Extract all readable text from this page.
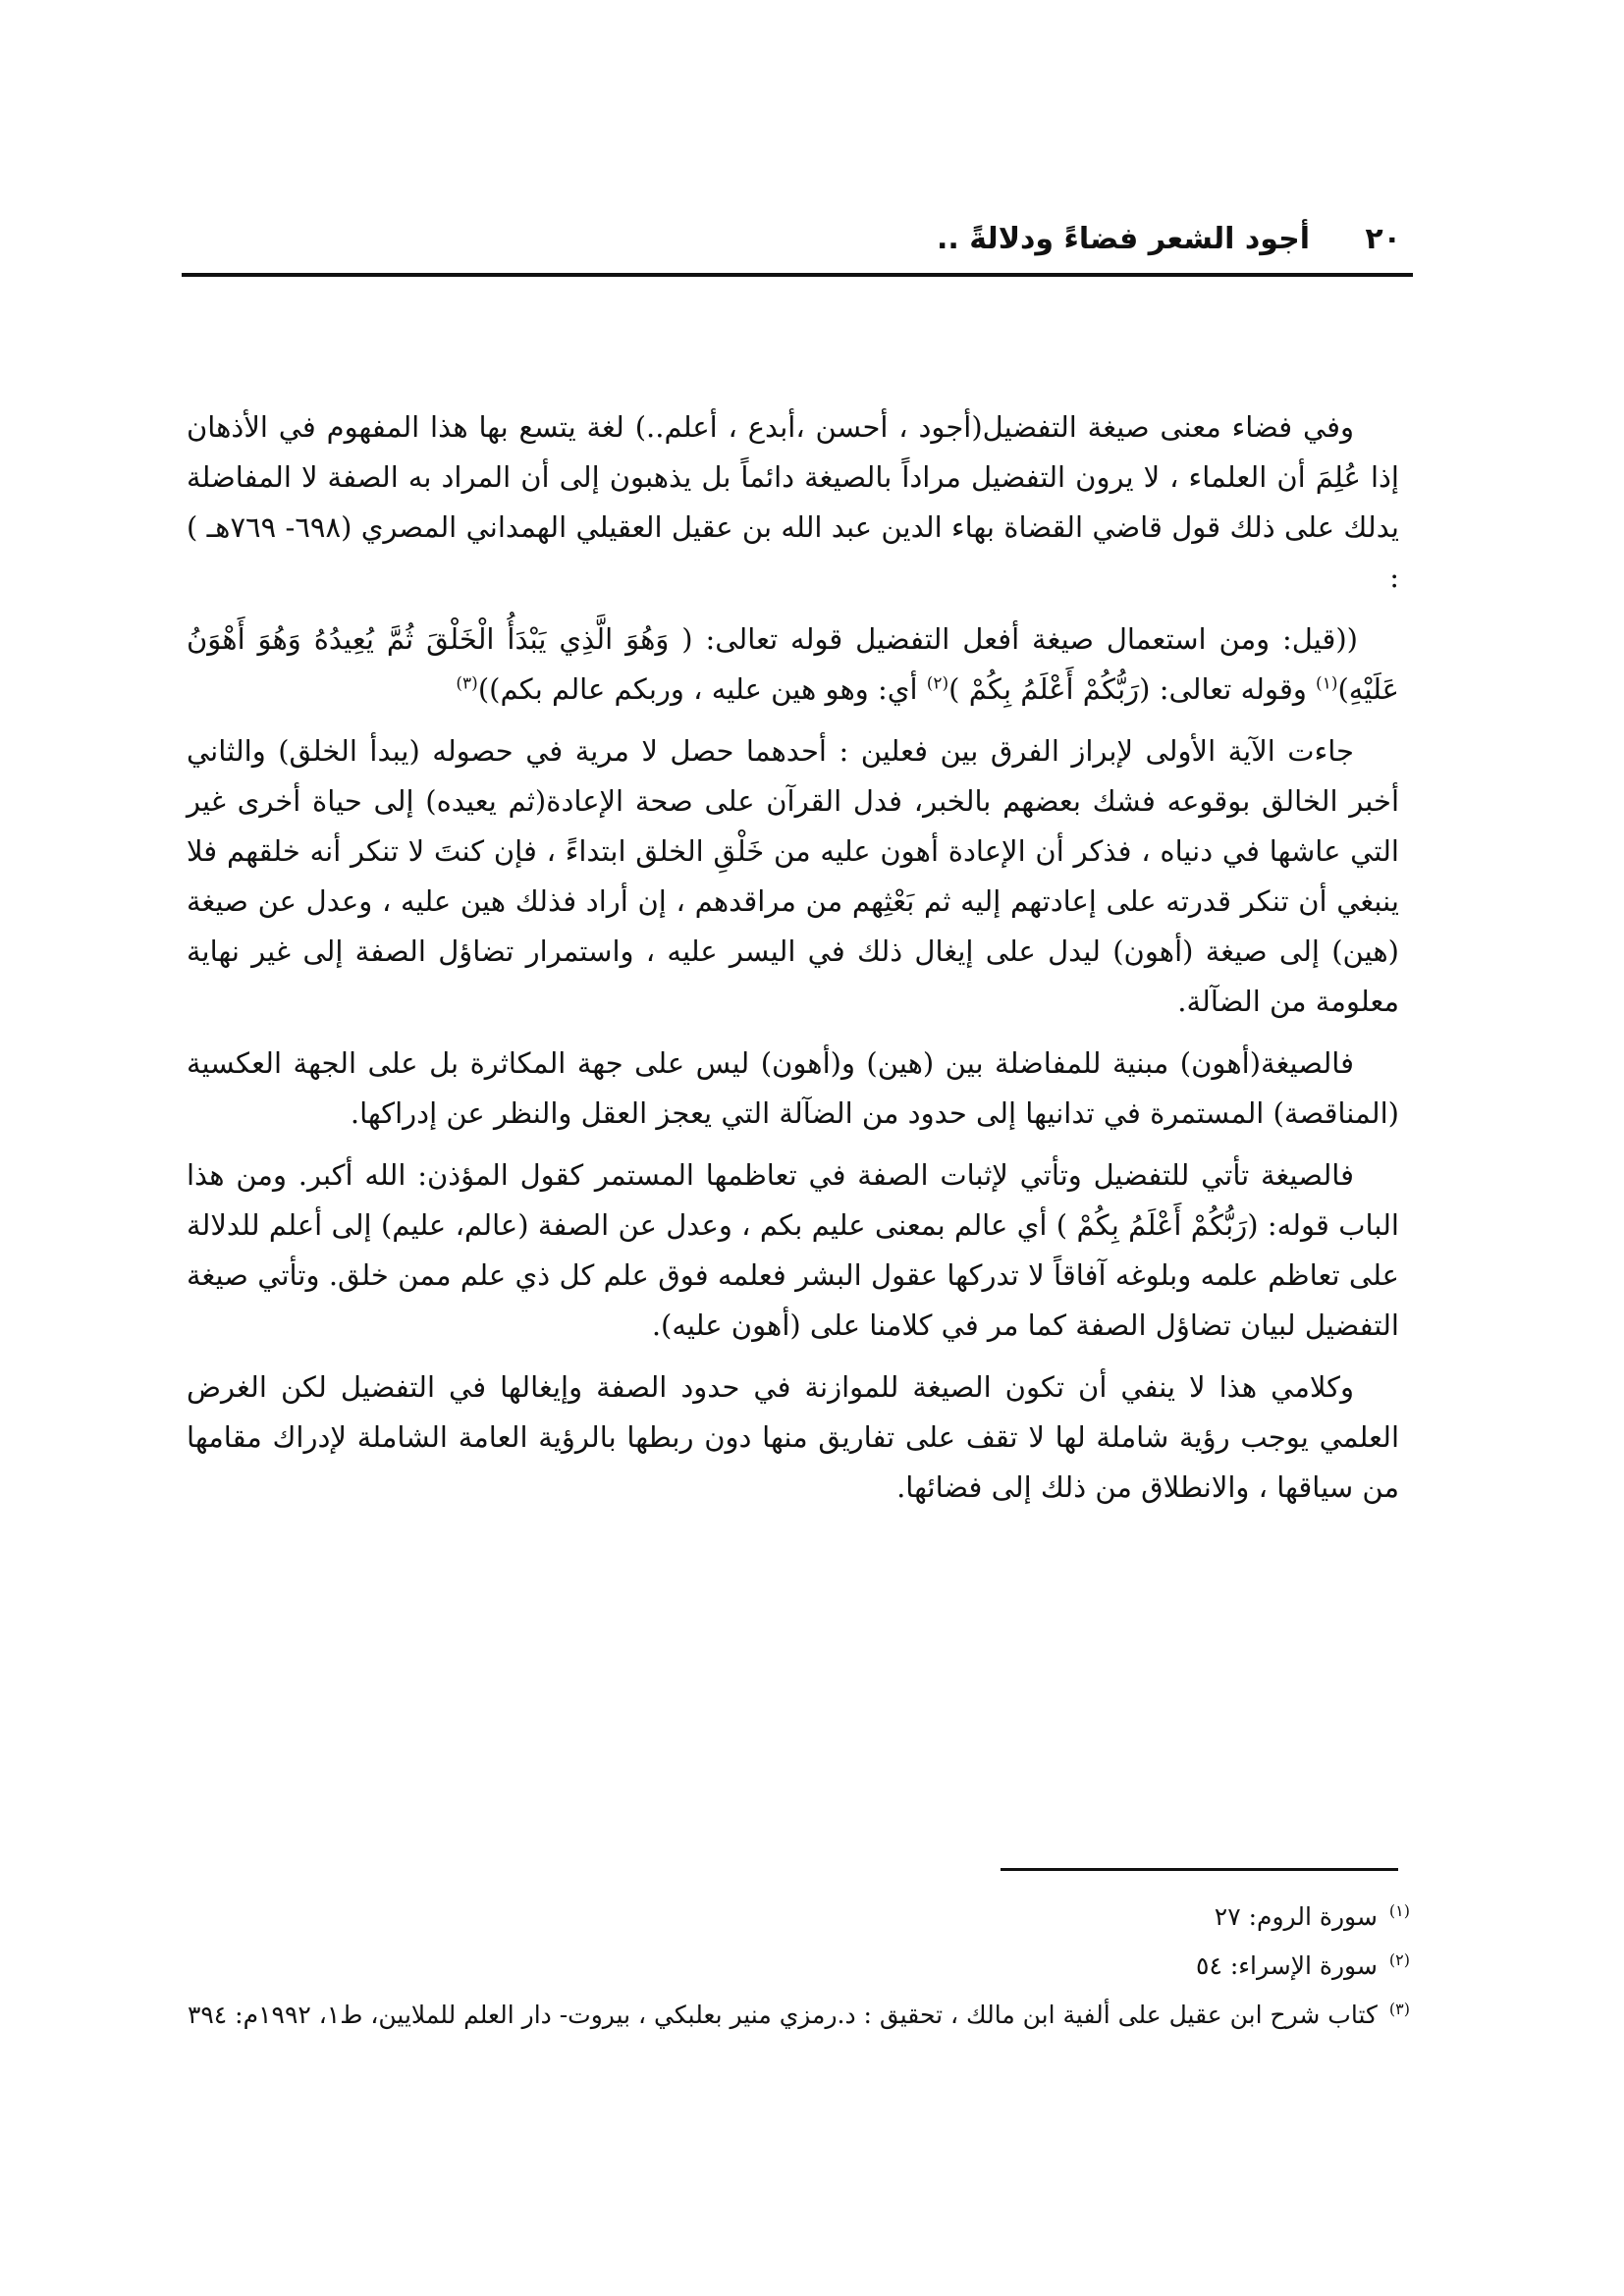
٢٠
أجود الشعر فضاءً ودلالةً ..

وفي فضاء معنى صيغة التفضيل(أجود ، أحسن ،أبدع ، أعلم..) لغة يتسع بها هذا المفهوم في الأذهان إذا عُلِمَ أن العلماء ، لا يرون التفضيل مراداً بالصيغة دائماً بل يذهبون إلى أن المراد به الصفة لا المفاضلة يدلك على ذلك قول قاضي القضاة بهاء الدين عبد الله بن عقيل العقيلي الهمداني المصري (٦٩٨- ٧٦٩هـ ) :

((قيل: ومن استعمال صيغة أفعل التفضيل قوله تعالى: ( وَهُوَ الَّذِي يَبْدَأُ الْخَلْقَ ثُمَّ يُعِيدُهُ وَهُوَ أَهْوَنُ عَلَيْهِ)$^{(١)}$ وقوله تعالى: (رَبُّكُمْ أَعْلَمُ بِكُمْ )$^{(٢)}$ أي: وهو هين عليه ، وربكم عالم بكم))$^{(٣)}$

جاءت الآية الأولى لإبراز الفرق بين فعلين : أحدهما حصل لا مرية في حصوله (يبدأ الخلق) والثاني أخبر الخالق بوقوعه فشك بعضهم بالخبر، فدل القرآن على صحة الإعادة(ثم يعيده) إلى حياة أخرى غير التي عاشها في دنياه ، فذكر أن الإعادة أهون عليه من خَلْقِ الخلق ابتداءً ، فإن كنتَ لا تنكر أنه خلقهم فلا ينبغي أن تنكر قدرته على إعادتهم إليه ثم بَعْثِهم من مراقدهم ، إن أراد فذلك هين عليه ، وعدل عن صيغة (هين) إلى صيغة (أهون) ليدل على إيغال ذلك في اليسر عليه ، واستمرار تضاؤل الصفة إلى غير نهاية معلومة من الضآلة.

فالصيغة(أهون) مبنية للمفاضلة بين (هين) و(أهون) ليس على جهة المكاثرة بل على الجهة العكسية (المناقصة) المستمرة في تدانيها إلى حدود من الضآلة التي يعجز العقل والنظر عن إدراكها.

فالصيغة تأتي للتفضيل وتأتي لإثبات الصفة في تعاظمها المستمر كقول المؤذن: الله أكبر. ومن هذا الباب قوله: (رَبُّكُمْ أَعْلَمُ بِكُمْ ) أي عالم بمعنى عليم بكم ، وعدل عن الصفة (عالم، عليم) إلى أعلم للدلالة على تعاظم علمه وبلوغه آفاقاً لا تدركها عقول البشر فعلمه فوق علم كل ذي علم ممن خلق. وتأتي صيغة التفضيل لبيان تضاؤل الصفة كما مر في كلامنا على (أهون عليه).

وكلامي هذا لا ينفي أن تكون الصيغة للموازنة في حدود الصفة وإيغالها في التفضيل لكن الغرض العلمي يوجب رؤية شاملة لها لا تقف على تفاريق منها دون ربطها بالرؤية العامة الشاملة لإدراك مقامها من سياقها ، والانطلاق من ذلك إلى فضائها.

$^{(١)}$سورة الروم: ٢٧
$^{(٢)}$سورة الإسراء: ٥٤
$^{(٣)}$كتاب شرح ابن عقيل على ألفية ابن مالك ، تحقيق : د.رمزي منير بعلبكي ، بيروت- دار العلم للملايين، ط١، ١٩٩٢م: ٣٩٤
